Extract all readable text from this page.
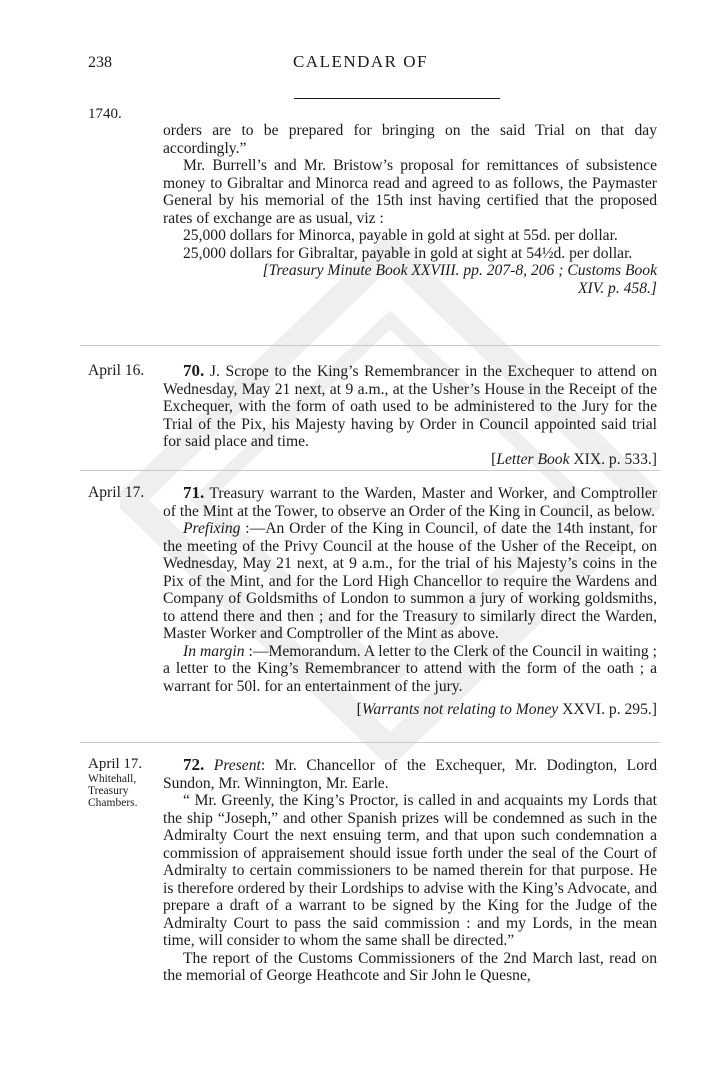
238	CALENDAR OF
1740.

orders are to be prepared for bringing on the said Trial on that day accordingly.”

Mr. Burrell’s and Mr. Bristow’s proposal for remittances of subsistence money to Gibraltar and Minorca read and agreed to as follows, the Paymaster General by his memorial of the 15th inst having certified that the proposed rates of exchange are as usual, viz :

25,000 dollars for Minorca, payable in gold at sight at 55d. per dollar.

25,000 dollars for Gibraltar, payable in gold at sight at 54½d. per dollar.

[Treasury Minute Book XXVIII. pp. 207-8, 206 ; Customs Book
XIV. p. 458.]

April 16.	70. J. Scrope to the King’s Remembrancer in the Exchequer to attend on Wednesday, May 21 next, at 9 a.m., at the Usher’s House in the Receipt of the Exchequer, with the form of oath used to be administered to the Jury for the Trial of the Pix, his Majesty having by Order in Council appointed said trial for said place and time.

[Letter Book XIX. p. 533.]

April 17.	71. Treasury warrant to the Warden, Master and Worker, and Comptroller of the Mint at the Tower, to observe an Order of the King in Council, as below.

Prefixing :—An Order of the King in Council, of date the 14th instant, for the meeting of the Privy Council at the house of the Usher of the Receipt, on Wednesday, May 21 next, at 9 a.m., for the trial of his Majesty’s coins in the Pix of the Mint, and for the Lord High Chancellor to require the Wardens and Company of Goldsmiths of London to summon a jury of working goldsmiths, to attend there and then ; and for the Treasury to similarly direct the Warden, Master Worker and Comptroller of the Mint as above.

In margin :—Memorandum. A letter to the Clerk of the Council in waiting ; a letter to the King’s Remembrancer to attend with the form of the oath ; a warrant for 50l. for an entertainment of the jury.

[Warrants not relating to Money XXVI. p. 295.]

April 17.
Whitehall,
Treasury
Chambers.

72. Present: Mr. Chancellor of the Exchequer, Mr. Dodington, Lord Sundon, Mr. Winnington, Mr. Earle.

“ Mr. Greenly, the King’s Proctor, is called in and acquaints my Lords that the ship “Joseph,” and other Spanish prizes will be condemned as such in the Admiralty Court the next ensuing term, and that upon such condemnation a commission of appraisement should issue forth under the seal of the Court of Admiralty to certain commissioners to be named therein for that purpose. He is therefore ordered by their Lordships to advise with the King’s Advocate, and prepare a draft of a warrant to be signed by the King for the Judge of the Admiralty Court to pass the said commission : and my Lords, in the mean time, will consider to whom the same shall be directed.”

The report of the Customs Commissioners of the 2nd March last, read on the memorial of George Heathcote and Sir John le Quesne,
